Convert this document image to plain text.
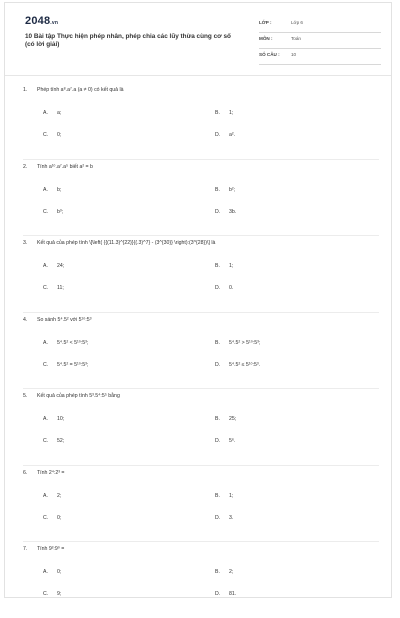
2048.vn
10 Bài tập Thực hiện phép nhân, phép chia các lũy thừa cùng cơ số (có lời giải)
LỚP :	Lớp 6
MÔN :	Toán
SỐ CÂU : 10
1. Phép tính a⁸.a⁷.a (a ≠ 0) có kết quả là
A. a;	B. 1;
C. 0;	D. a².
2. Tính a¹⁰.a⁷.a⁵ biết a² = b
A. b;	B. b²;
C. b³;	D. 3b.
3. Kết quả của phép tính \[\left( {{(11.3)^{22}}{(.3)^7} - (3^{30}} \right):(3^{28})\] là
A. 24;	B. 1;
C. 11;	D. 0.
4. So sánh 5⁴.5² với 5¹⁰:5³
A. 5⁴.5² < 5¹⁰:5³;	B. 5⁴.5² > 5¹⁰:5³;
C. 5⁴.5² = 5¹⁰:5³;	D. 5⁴.5² ≤ 5¹⁰:5³.
5. Kết quả của phép tính 5³.5⁴:5⁵ bằng
A. 10;	B. 25;
C. 52;	D. 5⁶.
6. Tính 2⁴:2³ =
A. 2;	B. 1;
C. 0;	D. 3.
7. Tính 9²:9⁰ =
A. 0;	B. 2;
C. 9;	D. 81.
